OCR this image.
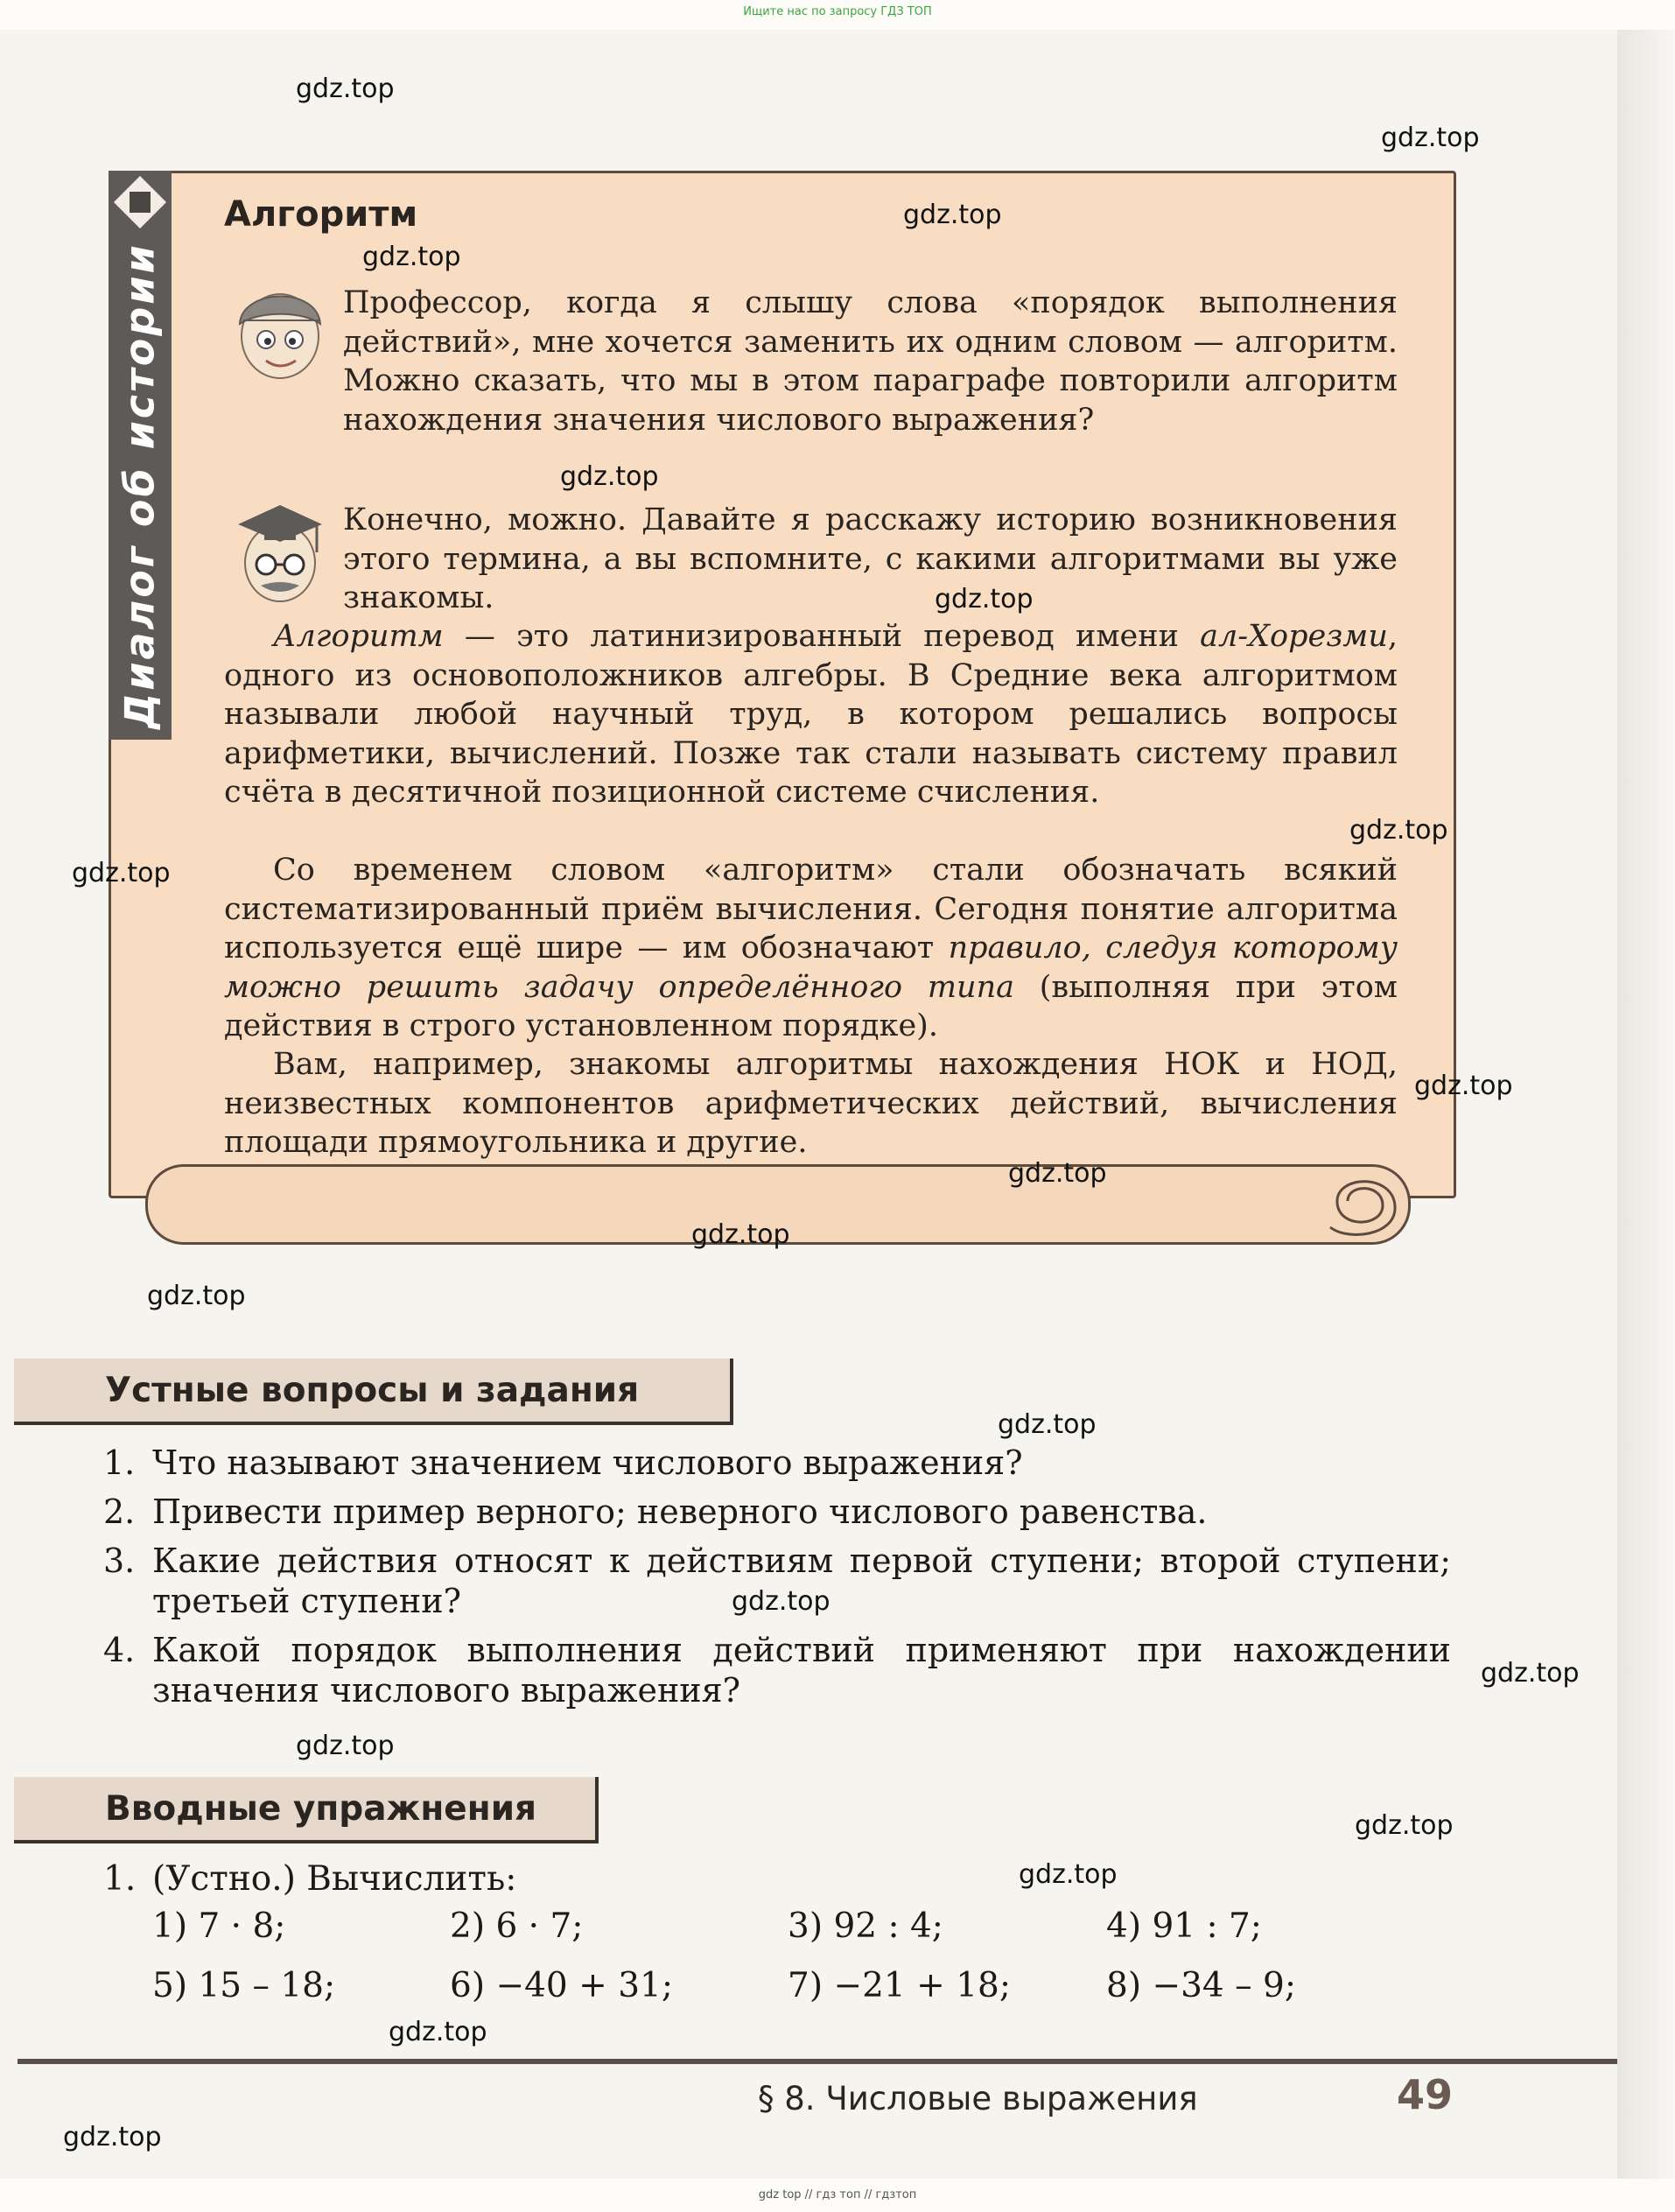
Ищите нас по запросу ГДЗ ТОП
Диалог об истории
Алгоритм
Профессор, когда я слышу слова «порядок выполнения действий», мне хочется заменить их одним словом — алгоритм. Можно сказать, что мы в этом параграфе повторили алгоритм нахождения значения числового выражения?
Конечно, можно. Давайте я расскажу историю возникновения этого термина, а вы вспомните, с какими алгоритмами вы уже знакомы.
Алгоритм — это латинизированный перевод имени ал-Хорезми, одного из основоположников алгебры. В Средние века алгоритмом называли любой научный труд, в котором решались вопросы арифметики, вычислений. Позже так стали называть систему правил счёта в десятичной позиционной системе счисления.
Со временем словом «алгоритм» стали обозначать всякий систематизированный приём вычисления. Сегодня понятие алгоритма используется ещё шире — им обозначают правило, следуя которому можно решить задачу определённого типа (выполняя при этом действия в строго установленном порядке).
Вам, например, знакомы алгоритмы нахождения НОК и НОД, неизвестных компонентов арифметических действий, вычисления площади прямоугольника и другие.
Устные вопросы и задания
1. Что называют значением числового выражения?
2. Привести пример верного; неверного числового равенства.
3. Какие действия относят к действиям первой ступени; второй ступени; третьей ступени?
4. Какой порядок выполнения действий применяют при нахождении значения числового выражения?
Вводные упражнения
1. (Устно.) Вычислить:
1) 7 · 8;	2) 6 · 7;	3) 92 : 4;	4) 91 : 7;
5) 15 – 18;	6) −40 + 31;	7) −21 + 18;	8) −34 – 9;
§ 8. Числовые выражения	49
gdz top // гдз топ // гдзтоп
gdz.top
gdz.top
gdz.top
gdz.top
gdz.top
gdz.top
gdz.top
gdz.top
gdz.top
gdz.top
gdz.top
gdz.top
gdz.top
gdz.top
gdz.top
gdz.top
gdz.top
gdz.top
gdz.top
gdz.top
